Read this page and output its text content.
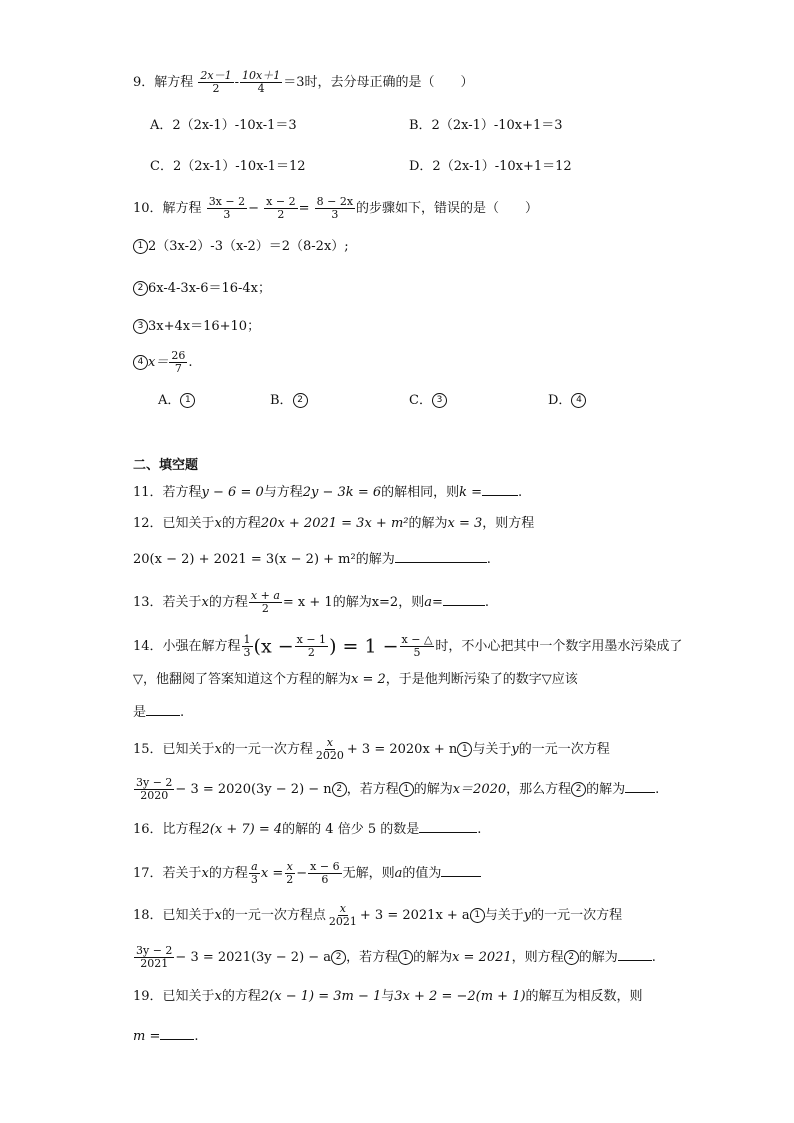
9．解方程 $\frac{2x-1}{2} - \frac{10x+1}{4} =3$时，去分母正确的是（　　）
A．2（2x-1）-10x-1＝3	B．2（2x-1）-10x+1＝3
C．2（2x-1）-10x-1＝12	D．2（2x-1）-10x+1＝12
10．解方程 $\frac{3x - 2}{3} - \frac{x - 2}{2} = \frac{8 - 2x}{3}$ 的步骤如下，错误的是（　　）
1 2（3x-2）-3（x-2）＝2（8-2x）;
2 6x-4-3x-6＝16-4x；
3 3x+4x＝16+10；
4 $x= \frac{26}{7}$ .
A． 1	B． 2	C． 3	D． 4
二、填空题
11．若方程y − 6 = 0与方程2y − 3k = 6的解相同，则k =	.
12．已知关于x的方程20x + 2021 = 3x + m²的解为x = 3，则方程
20(x − 2) + 2021 = 3(x − 2) + m²的解为	.
13．若关于x的方程 $\frac{x + a}{2} = x + 1$的解为x=2，则a=	.
14．小强在解方程 $\frac{1}{3} (x - \frac{x - 1}{2}$ ) = $1 - \frac{x - \triangle}{5}$ 时，不小心把其中一个数字用墨水污染成了
▽，他翻阅了答案知道这个方程的解为x = 2，于是他判断污染了的数字▽应该
是	.
15．已知关于x的一元一次方程 $\frac{x}{2020} + 3 = 2020x + n$ 1 与关于y的一元一次方程
$\frac{3y - 2}{2020} - 3 = 2020(3y - 2) - n$ 2 ，若方程 1 的解为x＝2020，那么方程 2 的解为 .
16．比方程2(x + 7) = 4的解的 4 倍少 5 的数是	.
17．若关于x的方程 $\frac{a}{3}$ $x = \frac{x}{2} - \frac{x - 6}{6}$ 无解，则a的值为
18．已知关于x的一元一次方程点 $\frac{x}{2021} + 3 = 2021x + a$ 1 与关于y的一元一次方程
$\frac{3y - 2}{2021} - 3 = 2021(3y - 2) - a$ 2 ，若方程 1 的解为x = 2021，则方程 2 的解为	.
19．已知关于x的方程2(x − 1) = 3m − 1与3x + 2 = −2(m + 1)的解互为相反数，则
m =	.
